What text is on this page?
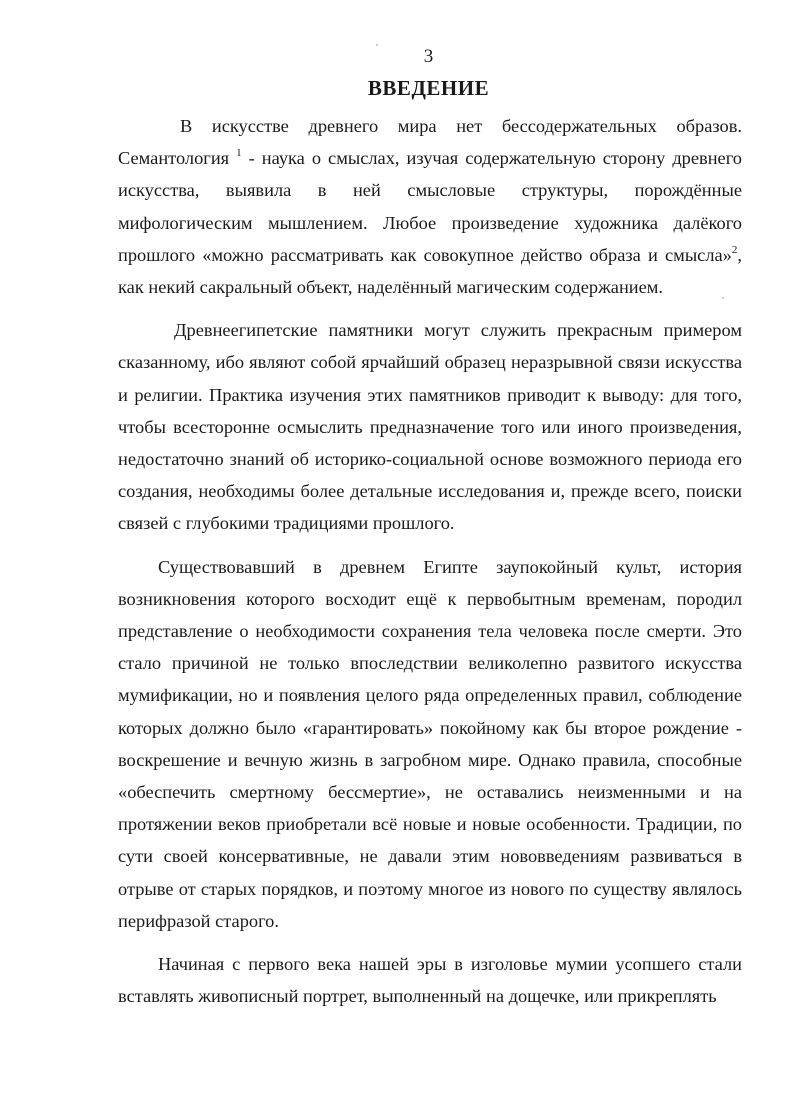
3
ВВЕДЕНИЕ

В искусстве древнего мира нет бессодержательных образов. Семантология $^1$ - наука о смыслах, изучая содержательную сторону древнего искусства, выявила в ней смысловые структуры, порождённые мифологическим мышлением. Любое произведение художника далёкого прошлого «можно рассматривать как совокупное действо образа и смысла»$^2$, как некий сакральный объект, наделённый магическим содержанием.

Древнеегипетские памятники могут служить прекрасным примером сказанному, ибо являют собой ярчайший образец неразрывной связи искусства и религии. Практика изучения этих памятников приводит к выводу: для того, чтобы всесторонне осмыслить предназначение того или иного произведения, недостаточно знаний об историко-социальной основе возможного периода его создания, необходимы более детальные исследования и, прежде всего, поиски связей с глубокими традициями прошлого.

Существовавший в древнем Египте заупокойный культ, история возникновения которого восходит ещё к первобытным временам, породил представление о необходимости сохранения тела человека после смерти. Это стало причиной не только впоследствии великолепно развитого искусства мумификации, но и появления целого ряда определенных правил, соблюдение которых должно было «гарантировать» покойному как бы второе рождение - воскрешение и вечную жизнь в загробном мире. Однако правила, способные «обеспечить смертному бессмертие», не оставались неизменными и на протяжении веков приобретали всё новые и новые особенности. Традиции, по сути своей консервативные, не давали этим нововведениям развиваться в отрыве от старых порядков, и поэтому многое из нового по существу являлось перифразой старого.

Начиная с первого века нашей эры в изголовье мумии усопшего стали вставлять живописный портрет, выполненный на дощечке, или прикреплять
